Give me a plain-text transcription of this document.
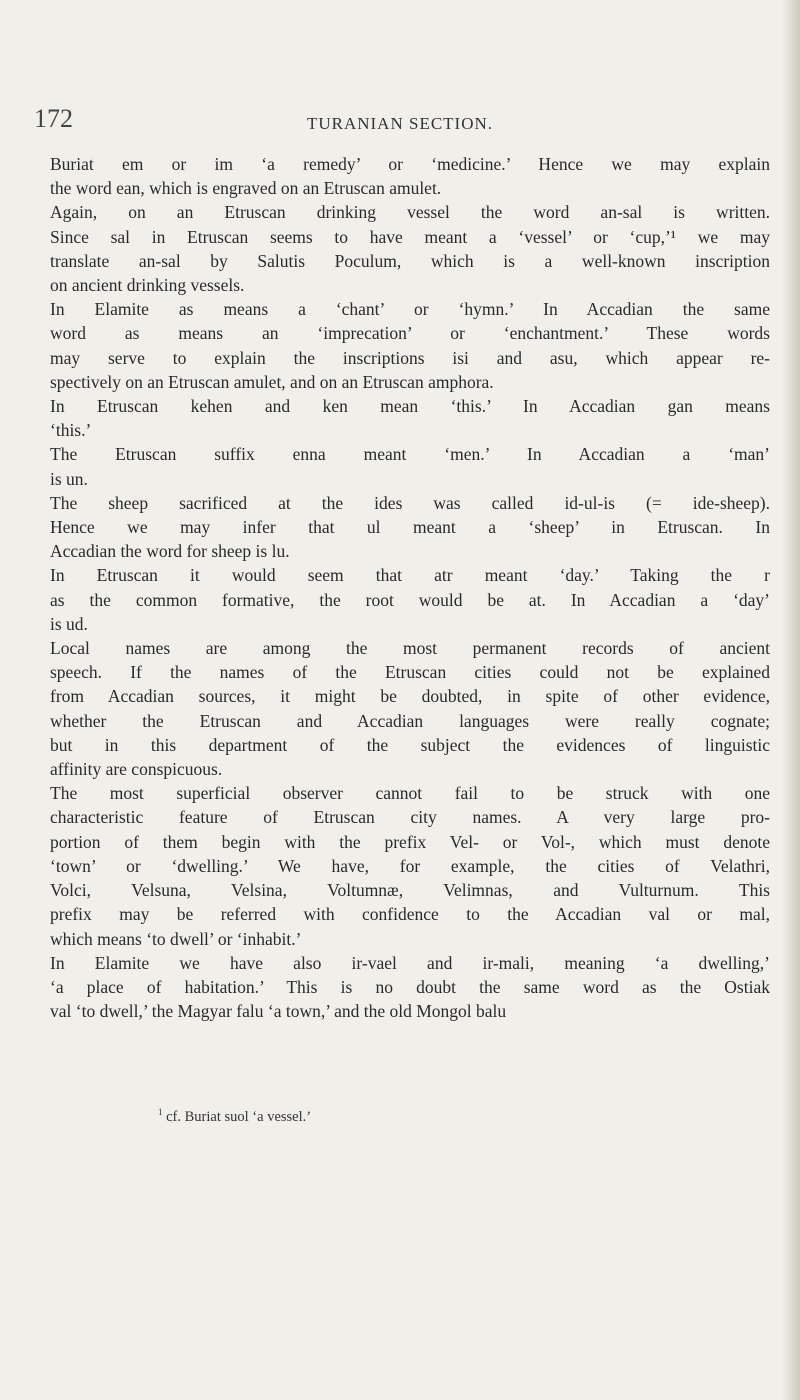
172	TURANIAN SECTION.

Buriat em or im ‘a remedy’ or ‘medicine.’ Hence we may explain
the word ean, which is engraved on an Etruscan amulet.

Again, on an Etruscan drinking vessel the word an-sal is written.
Since sal in Etruscan seems to have meant a ‘vessel’ or ‘cup,’¹ we may
translate an-sal by Salutis Poculum, which is a well-known inscription
on ancient drinking vessels.

In Elamite as means a ‘chant’ or ‘hymn.’ In Accadian the same
word as means an ‘imprecation’ or ‘enchantment.’ These words
may serve to explain the inscriptions isi and asu, which appear re-
spectively on an Etruscan amulet, and on an Etruscan amphora.

In Etruscan kehen and ken mean ‘this.’ In Accadian gan means
‘this.’

The Etruscan suffix enna meant ‘men.’ In Accadian a ‘man’
is un.

The sheep sacrificed at the ides was called id-ul-is (= ide-sheep).
Hence we may infer that ul meant a ‘sheep’ in Etruscan. In
Accadian the word for sheep is lu.

In Etruscan it would seem that atr meant ‘day.’ Taking the r
as the common formative, the root would be at. In Accadian a ‘day’
is ud.

Local names are among the most permanent records of ancient
speech. If the names of the Etruscan cities could not be explained
from Accadian sources, it might be doubted, in spite of other evidence,
whether the Etruscan and Accadian languages were really cognate;
but in this department of the subject the evidences of linguistic
affinity are conspicuous.

The most superficial observer cannot fail to be struck with one
characteristic feature of Etruscan city names. A very large pro-
portion of them begin with the prefix Vel- or Vol-, which must denote
‘town’ or ‘dwelling.’ We have, for example, the cities of Velathri,
Volci, Velsuna, Velsina, Voltumnæ, Velimnas, and Vulturnum. This
prefix may be referred with confidence to the Accadian val or mal,
which means ‘to dwell’ or ‘inhabit.’

In Elamite we have also ir-vael and ir-mali, meaning ‘a dwelling,’
‘a place of habitation.’ This is no doubt the same word as the Ostiak
val ‘to dwell,’ the Magyar falu ‘a town,’ and the old Mongol balu

$^1$ cf. Buriat suol ‘a vessel.’
